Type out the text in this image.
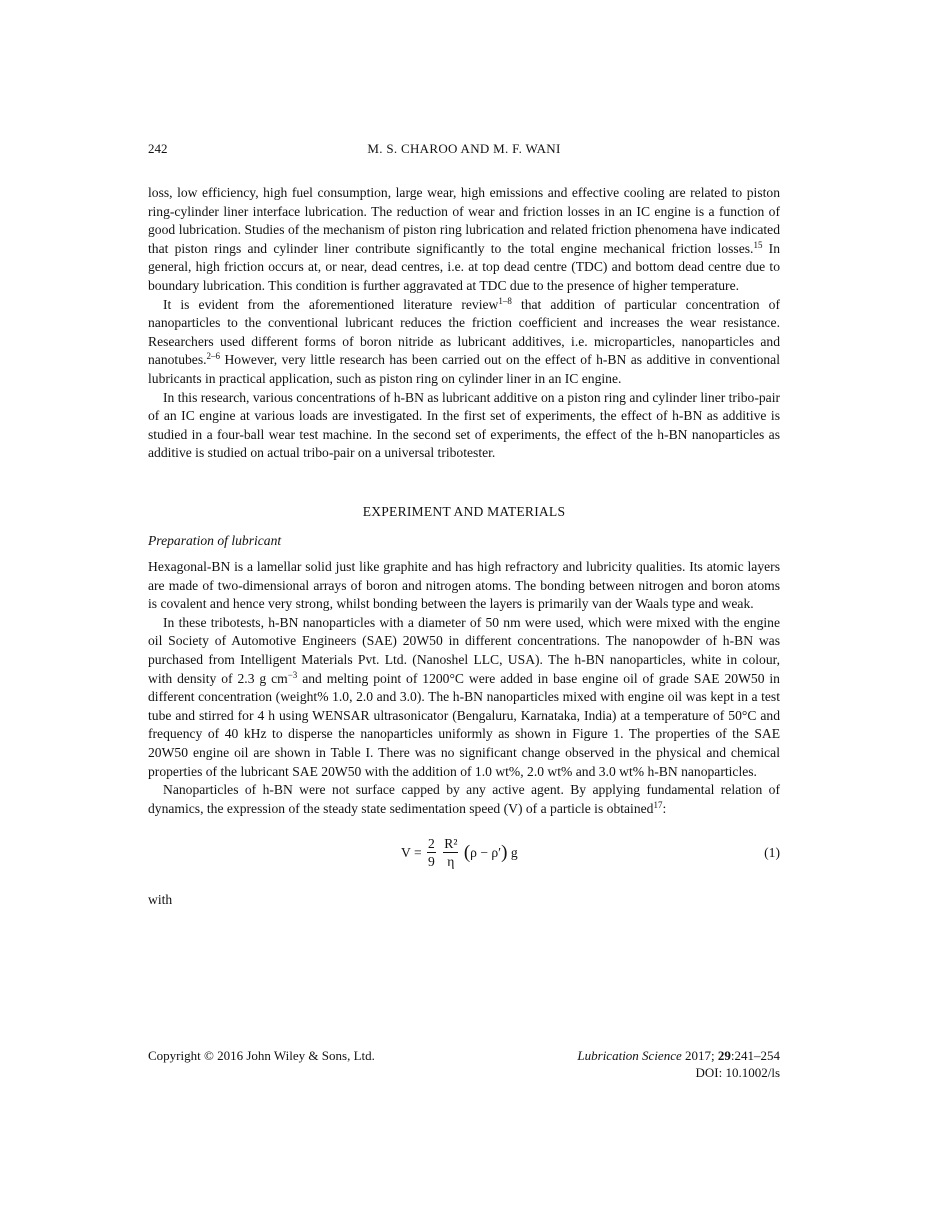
242	M. S. CHAROO AND M. F. WANI

loss, low efficiency, high fuel consumption, large wear, high emissions and effective cooling are related to piston ring-cylinder liner interface lubrication. The reduction of wear and friction losses in an IC engine is a function of good lubrication. Studies of the mechanism of piston ring lubrication and related friction phenomena have indicated that piston rings and cylinder liner contribute significantly to the total engine mechanical friction losses.$^{15}$ In general, high friction occurs at, or near, dead centres, i.e. at top dead centre (TDC) and bottom dead centre due to boundary lubrication. This condition is further aggravated at TDC due to the presence of higher temperature.

It is evident from the aforementioned literature review$^{1-8}$ that addition of particular concentration of nanoparticles to the conventional lubricant reduces the friction coefficient and increases the wear resistance. Researchers used different forms of boron nitride as lubricant additives, i.e. microparticles, nanoparticles and nanotubes.$^{2-6}$ However, very little research has been carried out on the effect of h-BN as additive in conventional lubricants in practical application, such as piston ring on cylinder liner in an IC engine.

In this research, various concentrations of h-BN as lubricant additive on a piston ring and cylinder liner tribo-pair of an IC engine at various loads are investigated. In the first set of experiments, the effect of h-BN as additive is studied in a four-ball wear test machine. In the second set of experiments, the effect of the h-BN nanoparticles as additive is studied on actual tribo-pair on a universal tribotester.

EXPERIMENT AND MATERIALS
Preparation of lubricant

Hexagonal-BN is a lamellar solid just like graphite and has high refractory and lubricity qualities. Its atomic layers are made of two-dimensional arrays of boron and nitrogen atoms. The bonding between nitrogen and boron atoms is covalent and hence very strong, whilst bonding between the layers is primarily van der Waals type and weak.

In these tribotests, h-BN nanoparticles with a diameter of 50 nm were used, which were mixed with the engine oil Society of Automotive Engineers (SAE) 20W50 in different concentrations. The nanopowder of h-BN was purchased from Intelligent Materials Pvt. Ltd. (Nanoshel LLC, USA). The h-BN nanoparticles, white in colour, with density of 2.3 g $cm^{-3}$ and melting point of 1200°C were added in base engine oil of grade SAE 20W50 in different concentration (weight% 1.0, 2.0 and 3.0). The h-BN nanoparticles mixed with engine oil was kept in a test tube and stirred for 4 h using WENSAR ultrasonicator (Bengaluru, Karnataka, India) at a temperature of 50°C and frequency of 40 kHz to disperse the nanoparticles uniformly as shown in Figure 1. The properties of the SAE 20W50 engine oil are shown in Table I. There was no significant change observed in the physical and chemical properties of the lubricant SAE 20W50 with the addition of 1.0 wt%, 2.0 wt% and 3.0 wt% h-BN nanoparticles.

Nanoparticles of h-BN were not surface capped by any active agent. By applying fundamental relation of dynamics, the expression of the steady state sedimentation speed (V) of a particle is obtained$^{17}$:

$V = \frac{2}{9}$
$\frac{\text{R²}}{\eta} (\rho - \rho')$ g	(1)

with

Copyright © 2016 John Wiley & Sons, Ltd.	Lubrication Science 2017; 29:241–254
DOI: 10.1002/ls
